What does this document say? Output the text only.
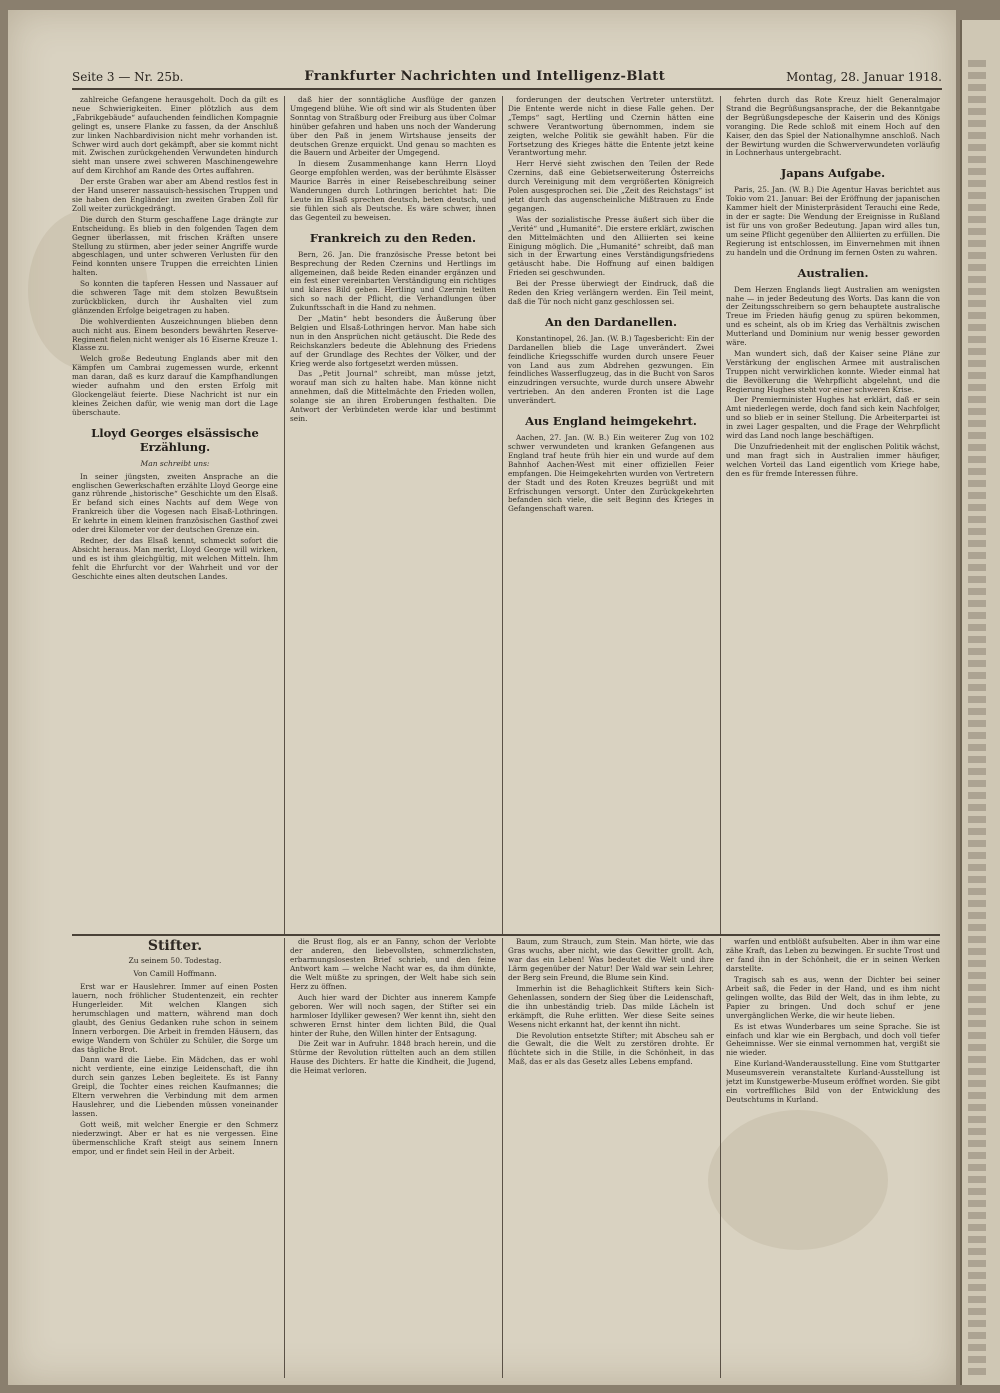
Seite 3 — Nr. 25b.	Frankfurter Nachrichten und Intelligenz-Blatt	Montag, 28. Januar 1918.

zahlreiche Gefangene herausgeholt. Doch da gilt es neue Schwierigkeiten. Einer plötzlich aus dem „Fabrikgebäude“ aufauchenden feindlichen Kompagnie gelingt es, unsere Flanke zu fassen, da der Anschluß zur linken Nachbardivision nicht mehr vorhanden ist. Schwer wird auch dort gekämpft, aber sie kommt nicht mit. Zwischen zurückgehenden Verwundeten hindurch sieht man unsere zwei schweren Maschinengewehre auf dem Kirchhof am Rande des Ortes auffahren.

Der erste Graben war aber am Abend restlos fest in der Hand unserer nassauisch-hessischen Truppen und sie haben den Engländer im zweiten Graben Zoll für Zoll weiter zurückgedrängt.

Die durch den Sturm geschaffene Lage drängte zur Entscheidung. Es blieb in den folgenden Tagen dem Gegner überlassen, mit frischen Kräften unsere Stellung zu stürmen, aber jeder seiner Angriffe wurde abgeschlagen, und unter schweren Verlusten für den Feind konnten unsere Truppen die erreichten Linien halten.

So konnten die tapferen Hessen und Nassauer auf die schweren Tage mit dem stolzen Bewußtsein zurückblicken, durch ihr Aushalten viel zum glänzenden Erfolge beigetragen zu haben.

Die wohlverdienten Auszeichnungen blieben denn auch nicht aus. Einem besonders bewährten Reserve-Regiment fielen nicht weniger als 16 Eiserne Kreuze 1. Klasse zu.

Welch große Bedeutung Englands aber mit den Kämpfen um Cambrai zugemessen wurde, erkennt man daran, daß es kurz darauf die Kampfhandlungen wieder aufnahm und den ersten Erfolg mit Glockengeläut feierte. Diese Nachricht ist nur ein kleines Zeichen dafür, wie wenig man dort die Lage überschaute.

Lloyd Georges elsässische Erzählung.
Man schreibt uns:

In seiner jüngsten, zweiten Ansprache an die englischen Gewerkschaften erzählte Lloyd George eine ganz rührende „historische“ Geschichte um den Elsaß. Er befand sich eines Nachts auf dem Wege von Frankreich über die Vogesen nach Elsaß-Lothringen. Er kehrte in einem kleinen französischen Gasthof zwei oder drei Kilometer vor der deutschen Grenze ein.

Redner, der das Elsaß kennt, schmeckt sofort die Absicht heraus. Man merkt, Lloyd George will wirken, und es ist ihm gleichgültig, mit welchen Mitteln. Ihm fehlt die Ehrfurcht vor der Wahrheit und vor der Geschichte eines alten deutschen Landes.

daß hier der sonntägliche Ausflüge der ganzen Umgegend blühe. Wie oft sind wir als Studenten über Sonntag von Straßburg oder Freiburg aus über Colmar hinüber gefahren und haben uns noch der Wanderung über den Paß in jenem Wirtshause jenseits der deutschen Grenze erquickt. Und genau so machten es die Bauern und Arbeiter der Umgegend.

In diesem Zusammenhange kann Herrn Lloyd George empfohlen werden, was der berühmte Elsässer Maurice Barrès in einer Reisebeschreibung seiner Wanderungen durch Lothringen berichtet hat: Die Leute im Elsaß sprechen deutsch, beten deutsch, und sie fühlen sich als Deutsche. Es wäre schwer, ihnen das Gegenteil zu beweisen.

Frankreich zu den Reden.

Bern, 26. Jan. Die französische Presse betont bei Besprechung der Reden Czernins und Hertlings im allgemeinen, daß beide Reden einander ergänzen und ein fest einer vereinbarten Verständigung ein richtiges und klares Bild geben. Hertling und Czernin teilten sich so nach der Pflicht, die Verhandlungen über Zukunftsschaft in die Hand zu nehmen.

Der „Matin“ hebt besonders die Äußerung über Belgien und Elsaß-Lothringen hervor. Man habe sich nun in den Ansprüchen nicht getäuscht. Die Rede des Reichskanzlers bedeute die Ablehnung des Friedens auf der Grundlage des Rechtes der Völker, und der Krieg werde also fortgesetzt werden müssen.

Das „Petit Journal“ schreibt, man müsse jetzt, worauf man sich zu halten habe. Man könne nicht annehmen, daß die Mittelmächte den Frieden wollen, solange sie an ihren Eroberungen festhalten. Die Antwort der Verbündeten werde klar und bestimmt sein.

forderungen der deutschen Vertreter unterstützt. Die Entente werde nicht in diese Falle gehen. Der „Temps“ sagt, Hertling und Czernin hätten eine schwere Verantwortung übernommen, indem sie zeigten, welche Politik sie gewählt haben. Für die Fortsetzung des Krieges hätte die Entente jetzt keine Verantwortung mehr.

Herr Hervé sieht zwischen den Teilen der Rede Czernins, daß eine Gebietserweiterung Österreichs durch Vereinigung mit dem vergrößerten Königreich Polen ausgesprochen sei. Die „Zeit des Reichstags“ ist jetzt durch das augenscheinliche Mißtrauen zu Ende gegangen.

Was der sozialistische Presse äußert sich über die „Verité“ und „Humanité“. Die erstere erklärt, zwischen den Mittelmächten und den Alliierten sei keine Einigung möglich. Die „Humanité“ schreibt, daß man sich in der Erwartung eines Verständigungsfriedens getäuscht habe. Die Hoffnung auf einen baldigen Frieden sei geschwunden.

Bei der Presse überwiegt der Eindruck, daß die Reden den Krieg verlängern werden. Ein Teil meint, daß die Tür noch nicht ganz geschlossen sei.

An den Dardanellen.

Konstantinopel, 26. Jan. (W. B.) Tagesbericht: Ein der Dardanellen blieb die Lage unverändert. Zwei feindliche Kriegsschiffe wurden durch unsere Feuer von Land aus zum Abdrehen gezwungen. Ein feindliches Wasserflugzeug, das in die Bucht von Saros einzudringen versuchte, wurde durch unsere Abwehr vertrieben. An den anderen Fronten ist die Lage unverändert.

Aus England heimgekehrt.

Aachen, 27. Jan. (W. B.) Ein weiterer Zug von 102 schwer verwundeten und kranken Gefangenen aus England traf heute früh hier ein und wurde auf dem Bahnhof Aachen-West mit einer offiziellen Feier empfangen. Die Heimgekehrten wurden von Vertretern der Stadt und des Roten Kreuzes begrüßt und mit Erfrischungen versorgt. Unter den Zurückgekehrten befanden sich viele, die seit Beginn des Krieges in Gefangenschaft waren.

fehrten durch das Rote Kreuz hielt Generalmajor Strand die Begrüßungsansprache, der die Bekanntgabe der Begrüßungsdepesche der Kaiserin und des Königs voranging. Die Rede schloß mit einem Hoch auf den Kaiser, den das Spiel der Nationalhymne anschloß. Nach der Bewirtung wurden die Schwerverwundeten vorläufig in Lochnerhaus untergebracht.

Japans Aufgabe.

Paris, 25. Jan. (W. B.) Die Agentur Havas berichtet aus Tokio vom 21. Januar: Bei der Eröffnung der japanischen Kammer hielt der Ministerpräsident Terauchi eine Rede, in der er sagte: Die Wendung der Ereignisse in Rußland ist für uns von großer Bedeutung. Japan wird alles tun, um seine Pflicht gegenüber den Alliierten zu erfüllen. Die Regierung ist entschlossen, im Einvernehmen mit ihnen zu handeln und die Ordnung im fernen Osten zu wahren.

Australien.

Dem Herzen Englands liegt Australien am wenigsten nahe — in jeder Bedeutung des Worts. Das kann die von der Zeitungsschreibern so gern behauptete australische Treue im Frieden häufig genug zu spüren bekommen, und es scheint, als ob im Krieg das Verhältnis zwischen Mutterland und Dominium nur wenig besser geworden wäre.

Man wundert sich, daß der Kaiser seine Pläne zur Verstärkung der englischen Armee mit australischen Truppen nicht verwirklichen konnte. Wieder einmal hat die Bevölkerung die Wehrpflicht abgelehnt, und die Regierung Hughes steht vor einer schweren Krise.

Der Premierminister Hughes hat erklärt, daß er sein Amt niederlegen werde, doch fand sich kein Nachfolger, und so blieb er in seiner Stellung. Die Arbeiterpartei ist in zwei Lager gespalten, und die Frage der Wehrpflicht wird das Land noch lange beschäftigen.

Die Unzufriedenheit mit der englischen Politik wächst, und man fragt sich in Australien immer häufiger, welchen Vorteil das Land eigentlich vom Kriege habe, den es für fremde Interessen führe.

Stifter.
Zu seinem 50. Todestag.
Von Camill Hoffmann.

Erst war er Hauslehrer. Immer auf einen Posten lauern, noch fröhlicher Studentenzeit, ein rechter Hungerleider. Mit welchen Klangen sich herumschlagen und mattern, während man doch glaubt, des Genius Gedanken ruhe schon in seinem Innern verborgen. Die Arbeit in fremden Häusern, das ewige Wandern von Schüler zu Schüler, die Sorge um das tägliche Brot.

Dann ward die Liebe. Ein Mädchen, das er wohl nicht verdiente, eine einzige Leidenschaft, die ihn durch sein ganzes Leben begleitete. Es ist Fanny Greipl, die Tochter eines reichen Kaufmannes; die Eltern verwehren die Verbindung mit dem armen Hauslehrer, und die Liebenden müssen voneinander lassen.

Gott weiß, mit welcher Energie er den Schmerz niederzwingt. Aber er hat es nie vergessen. Eine übermenschliche Kraft steigt aus seinem Innern empor, und er findet sein Heil in der Arbeit.

die Brust flog, als er an Fanny, schon der Verlobte der anderen, den liebevollsten, schmerzlichsten, erbarmungslosesten Brief schrieb, und den feine Antwort kam — welche Nacht war es, da ihm dünkte, die Welt müßte zu springen, der Welt habe sich sein Herz zu öffnen.

Auch hier ward der Dichter aus innerem Kampfe geboren. Wer will noch sagen, der Stifter sei ein harmloser Idylliker gewesen? Wer kennt ihn, sieht den schweren Ernst hinter dem lichten Bild, die Qual hinter der Ruhe, den Willen hinter der Entsagung.

Die Zeit war in Aufruhr. 1848 brach herein, und die Stürme der Revolution rüttelten auch an dem stillen Hause des Dichters. Er hatte die Kindheit, die Jugend, die Heimat verloren.

Baum, zum Strauch, zum Stein. Man hörte, wie das Gras wuchs, aber nicht, wie das Gewitter grollt. Ach, war das ein Leben! Was bedeutet die Welt und ihre Lärm gegenüber der Natur! Der Wald war sein Lehrer, der Berg sein Freund, die Blume sein Kind.

Immerhin ist die Behaglichkeit Stifters kein Sich-Gehenlassen, sondern der Sieg über die Leidenschaft, die ihn unbeständig trieb. Das milde Lächeln ist erkämpft, die Ruhe erlitten. Wer diese Seite seines Wesens nicht erkannt hat, der kennt ihn nicht.

Die Revolution entsetzte Stifter; mit Abscheu sah er die Gewalt, die die Welt zu zerstören drohte. Er flüchtete sich in die Stille, in die Schönheit, in das Maß, das er als das Gesetz alles Lebens empfand.

warfen und entblößt aufsubelten. Aber in ihm war eine zähe Kraft, das Leben zu bezwingen. Er suchte Trost und er fand ihn in der Schönheit, die er in seinen Werken darstellte.

Tragisch sah es aus, wenn der Dichter bei seiner Arbeit saß, die Feder in der Hand, und es ihm nicht gelingen wollte, das Bild der Welt, das in ihm lebte, zu Papier zu bringen. Und doch schuf er jene unvergänglichen Werke, die wir heute lieben.

Es ist etwas Wunderbares um seine Sprache. Sie ist einfach und klar wie ein Bergbach, und doch voll tiefer Geheimnisse. Wer sie einmal vernommen hat, vergißt sie nie wieder.

Eine Kurland-Wanderausstellung. Eine vom Stuttgarter Museumsverein veranstaltete Kurland-Ausstellung ist jetzt im Kunstgewerbe-Museum eröffnet worden. Sie gibt ein vortreffliches Bild von der Entwicklung des Deutschtums in Kurland.
